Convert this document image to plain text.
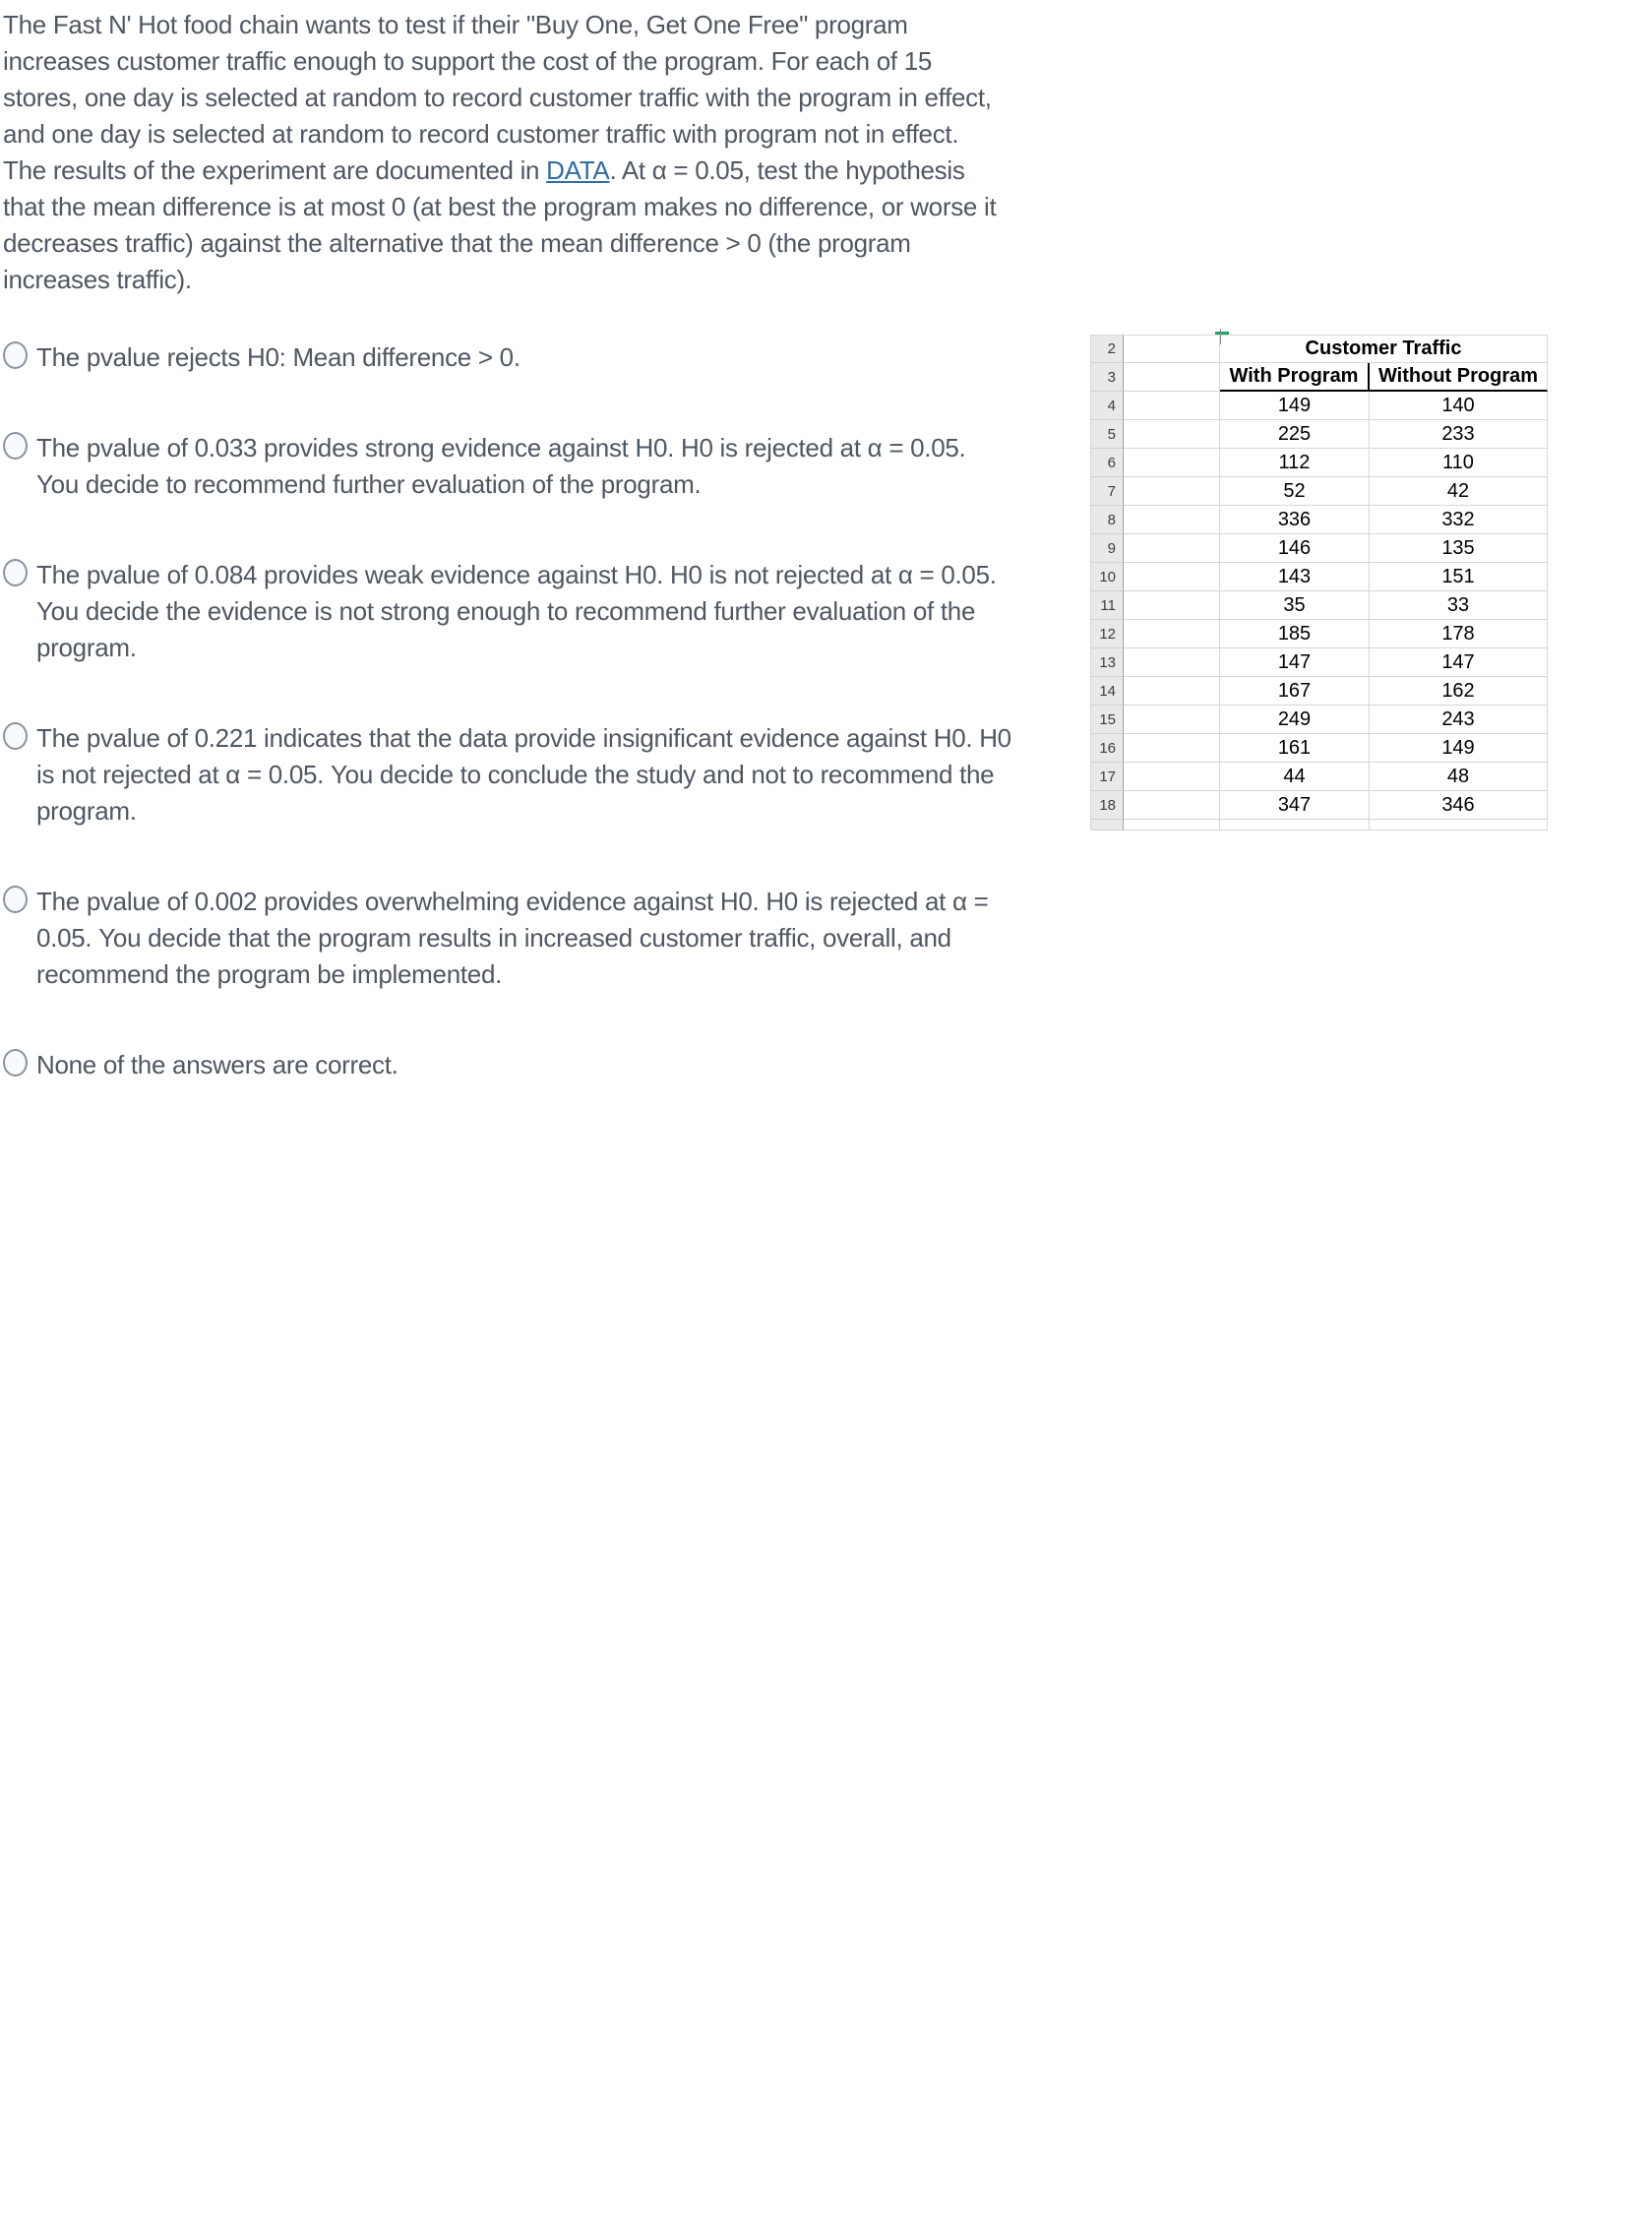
The Fast N' Hot food chain wants to test if their "Buy One, Get One Free" program increases customer traffic enough to support the cost of the program. For each of 15 stores, one day is selected at random to record customer traffic with the program in effect, and one day is selected at random to record customer traffic with program not in effect. The results of the experiment are documented in DATA. At α = 0.05, test the hypothesis that the mean difference is at most 0 (at best the program makes no difference, or worse it decreases traffic) against the alternative that the mean difference > 0 (the program increases traffic).
The pvalue rejects H0: Mean difference > 0.
The pvalue of 0.033 provides strong evidence against H0. H0 is rejected at α = 0.05. You decide to recommend further evaluation of the program.
The pvalue of 0.084 provides weak evidence against H0. H0 is not rejected at α = 0.05. You decide the evidence is not strong enough to recommend further evaluation of the program.
The pvalue of 0.221 indicates that the data provide insignificant evidence against H0. H0 is not rejected at α = 0.05. You decide to conclude the study and not to recommend the program.
The pvalue of 0.002 provides overwhelming evidence against H0. H0 is rejected at α = 0.05. You decide that the program results in increased customer traffic, overall, and recommend the program be implemented.
None of the answers are correct.
2	Customer Traffic
3	With Program	Without Program
4	149	140
5	225	233
6	112	110
7	52	42
8	336	332
9	146	135
10	143	151
11	35	33
12	185	178
13	147	147
14	167	162
15	249	243
16	161	149
17	44	48
18	347	346
